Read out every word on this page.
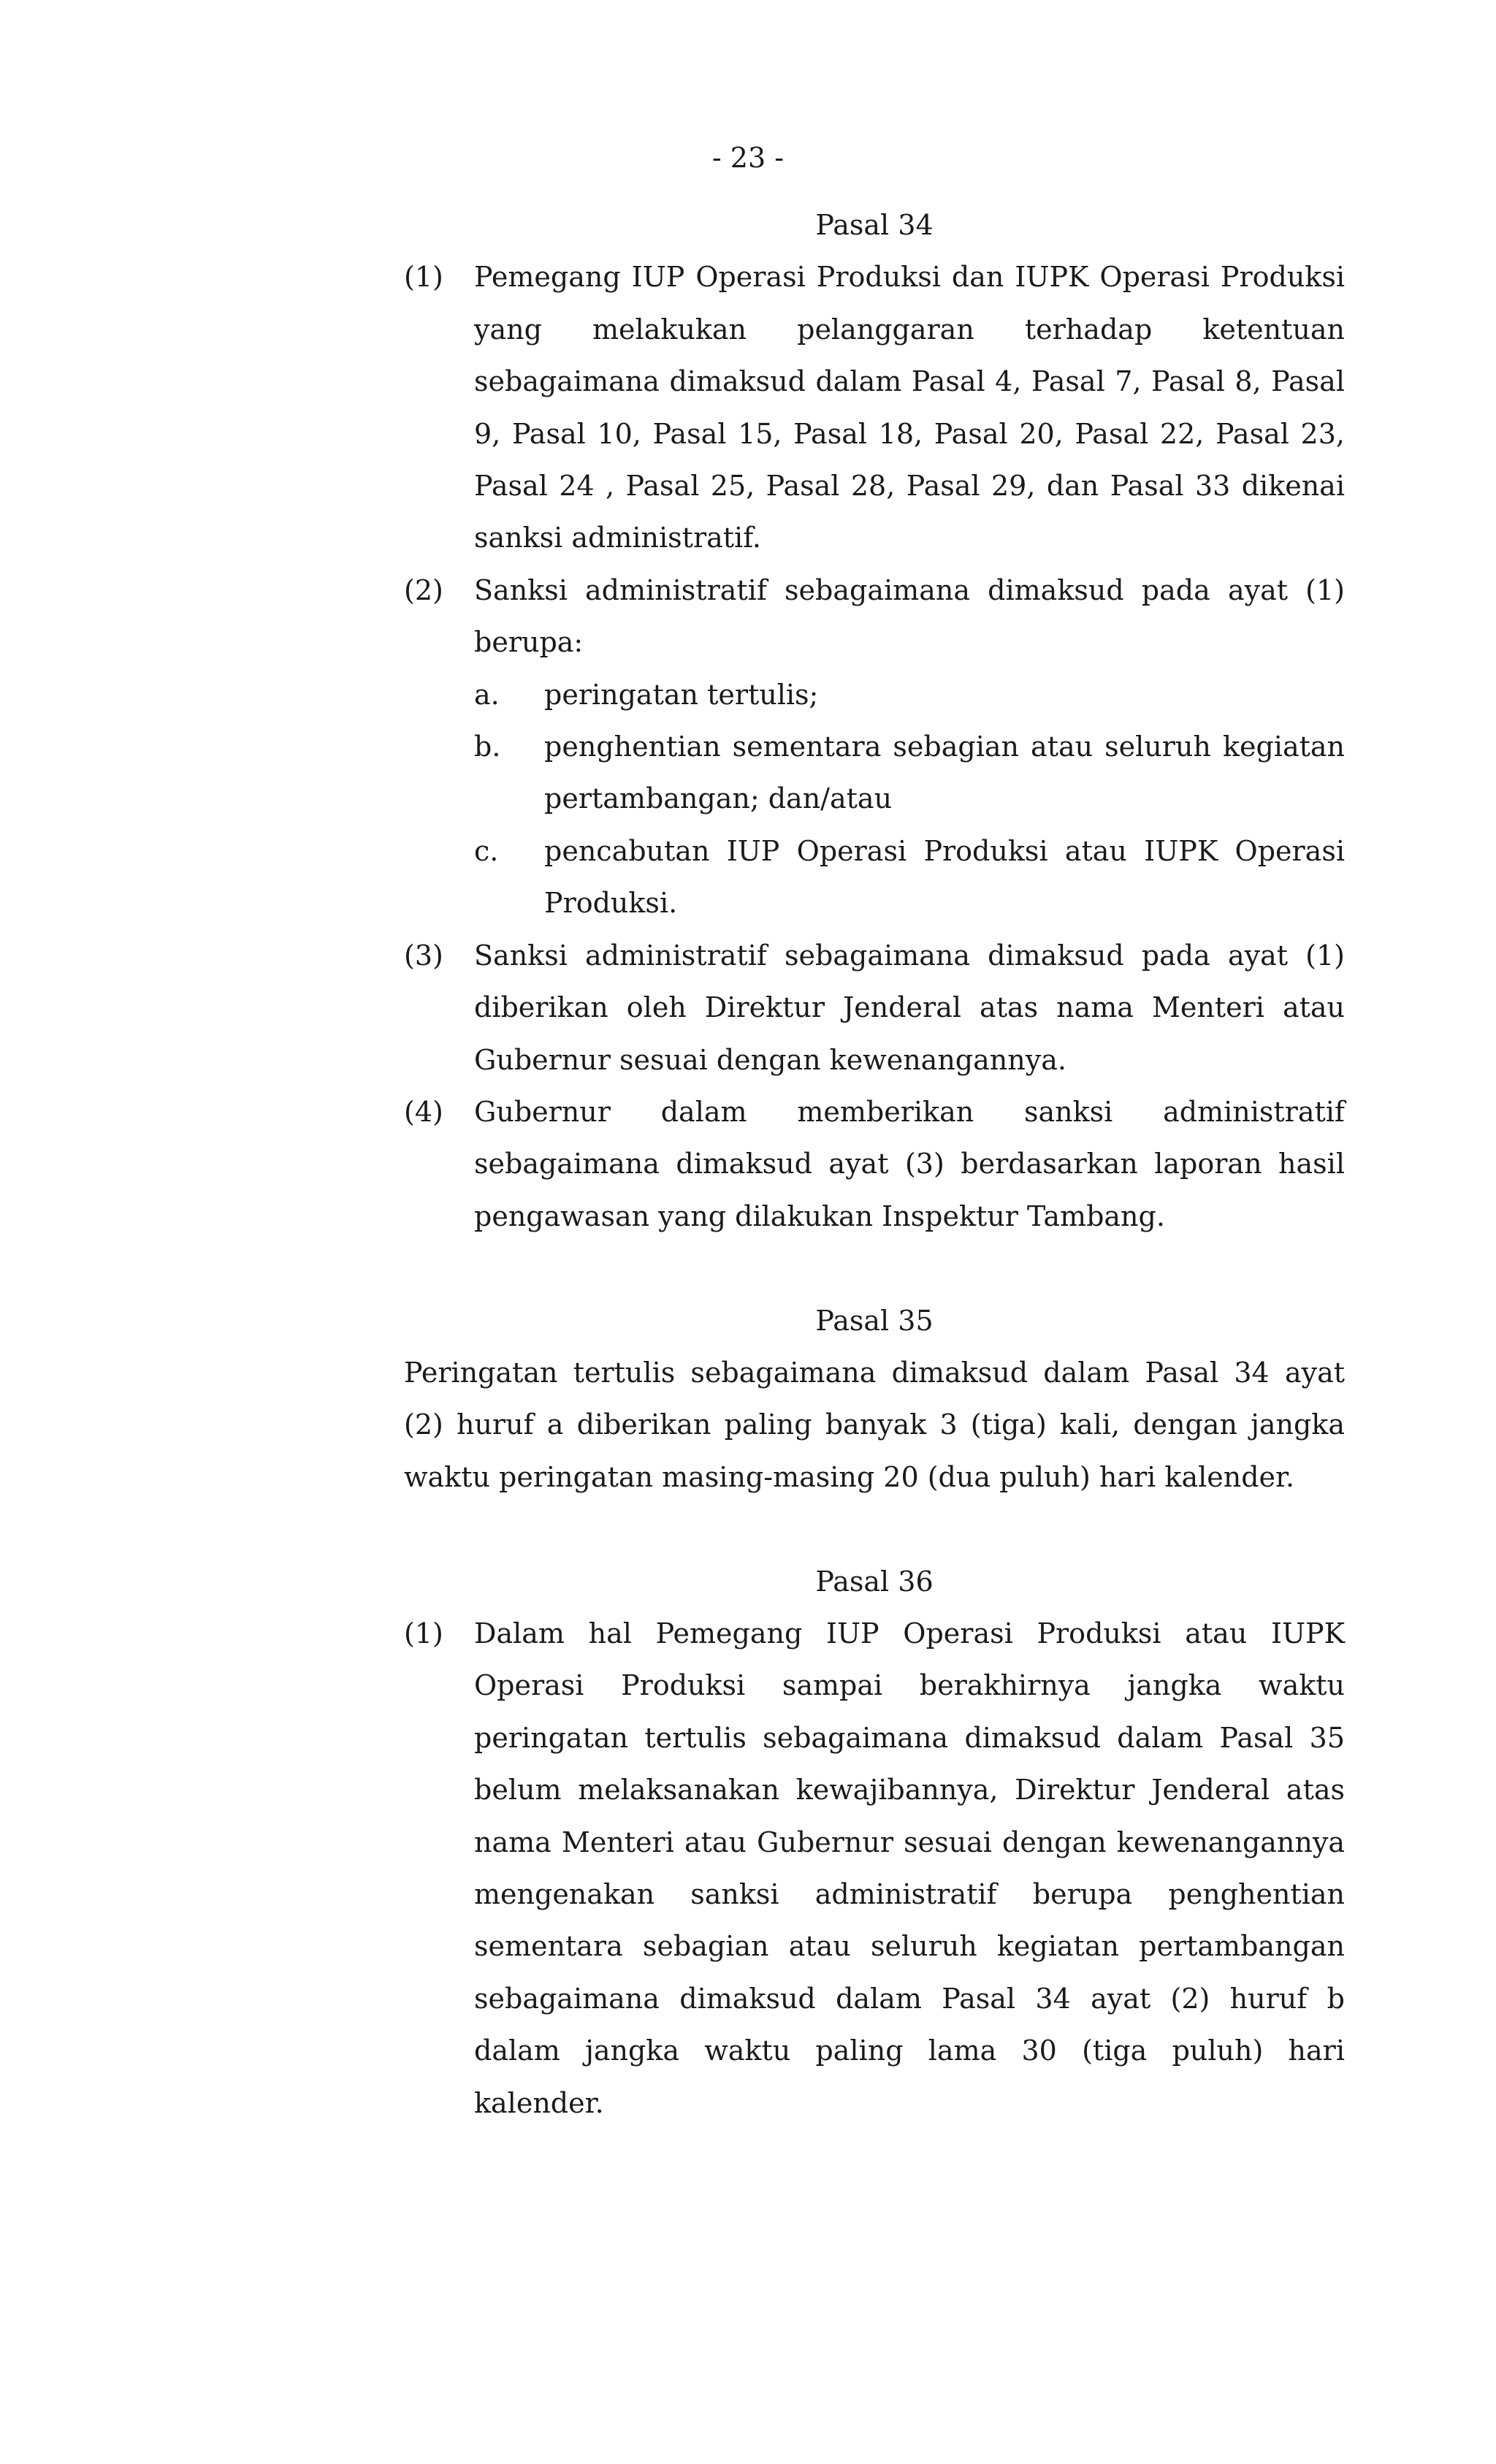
- 23 -

Pasal 34

(1)	Pemegang IUP Operasi Produksi dan IUPK Operasi Produksi yang melakukan pelanggaran terhadap ketentuan sebagaimana dimaksud dalam Pasal 4, Pasal 7, Pasal 8, Pasal 9, Pasal 10, Pasal 15, Pasal 18, Pasal 20, Pasal 22, Pasal 23, Pasal 24 , Pasal 25, Pasal 28, Pasal 29, dan Pasal 33 dikenai sanksi administratif.
(2)	Sanksi administratif sebagaimana dimaksud pada ayat (1) berupa:
a.	peringatan tertulis;
b.	penghentian sementara sebagian atau seluruh kegiatan pertambangan; dan/atau
c.	pencabutan IUP Operasi Produksi atau IUPK Operasi Produksi.
(3)	Sanksi administratif sebagaimana dimaksud pada ayat (1) diberikan oleh Direktur Jenderal atas nama Menteri atau Gubernur sesuai dengan kewenangannya.
(4)	Gubernur dalam memberikan sanksi administratif sebagaimana dimaksud ayat (3) berdasarkan laporan hasil pengawasan yang dilakukan Inspektur Tambang.

Pasal 35

Peringatan tertulis sebagaimana dimaksud dalam Pasal 34 ayat (2) huruf a diberikan paling banyak 3 (tiga) kali, dengan jangka waktu peringatan masing-masing 20 (dua puluh) hari kalender.

Pasal 36

(1)	Dalam hal Pemegang IUP Operasi Produksi atau IUPK Operasi Produksi sampai berakhirnya jangka waktu peringatan tertulis sebagaimana dimaksud dalam Pasal 35 belum melaksanakan kewajibannya, Direktur Jenderal atas nama Menteri atau Gubernur sesuai dengan kewenangannya mengenakan sanksi administratif berupa penghentian sementara sebagian atau seluruh kegiatan pertambangan sebagaimana dimaksud dalam Pasal 34 ayat (2) huruf b dalam jangka waktu paling lama 30 (tiga puluh) hari kalender.
